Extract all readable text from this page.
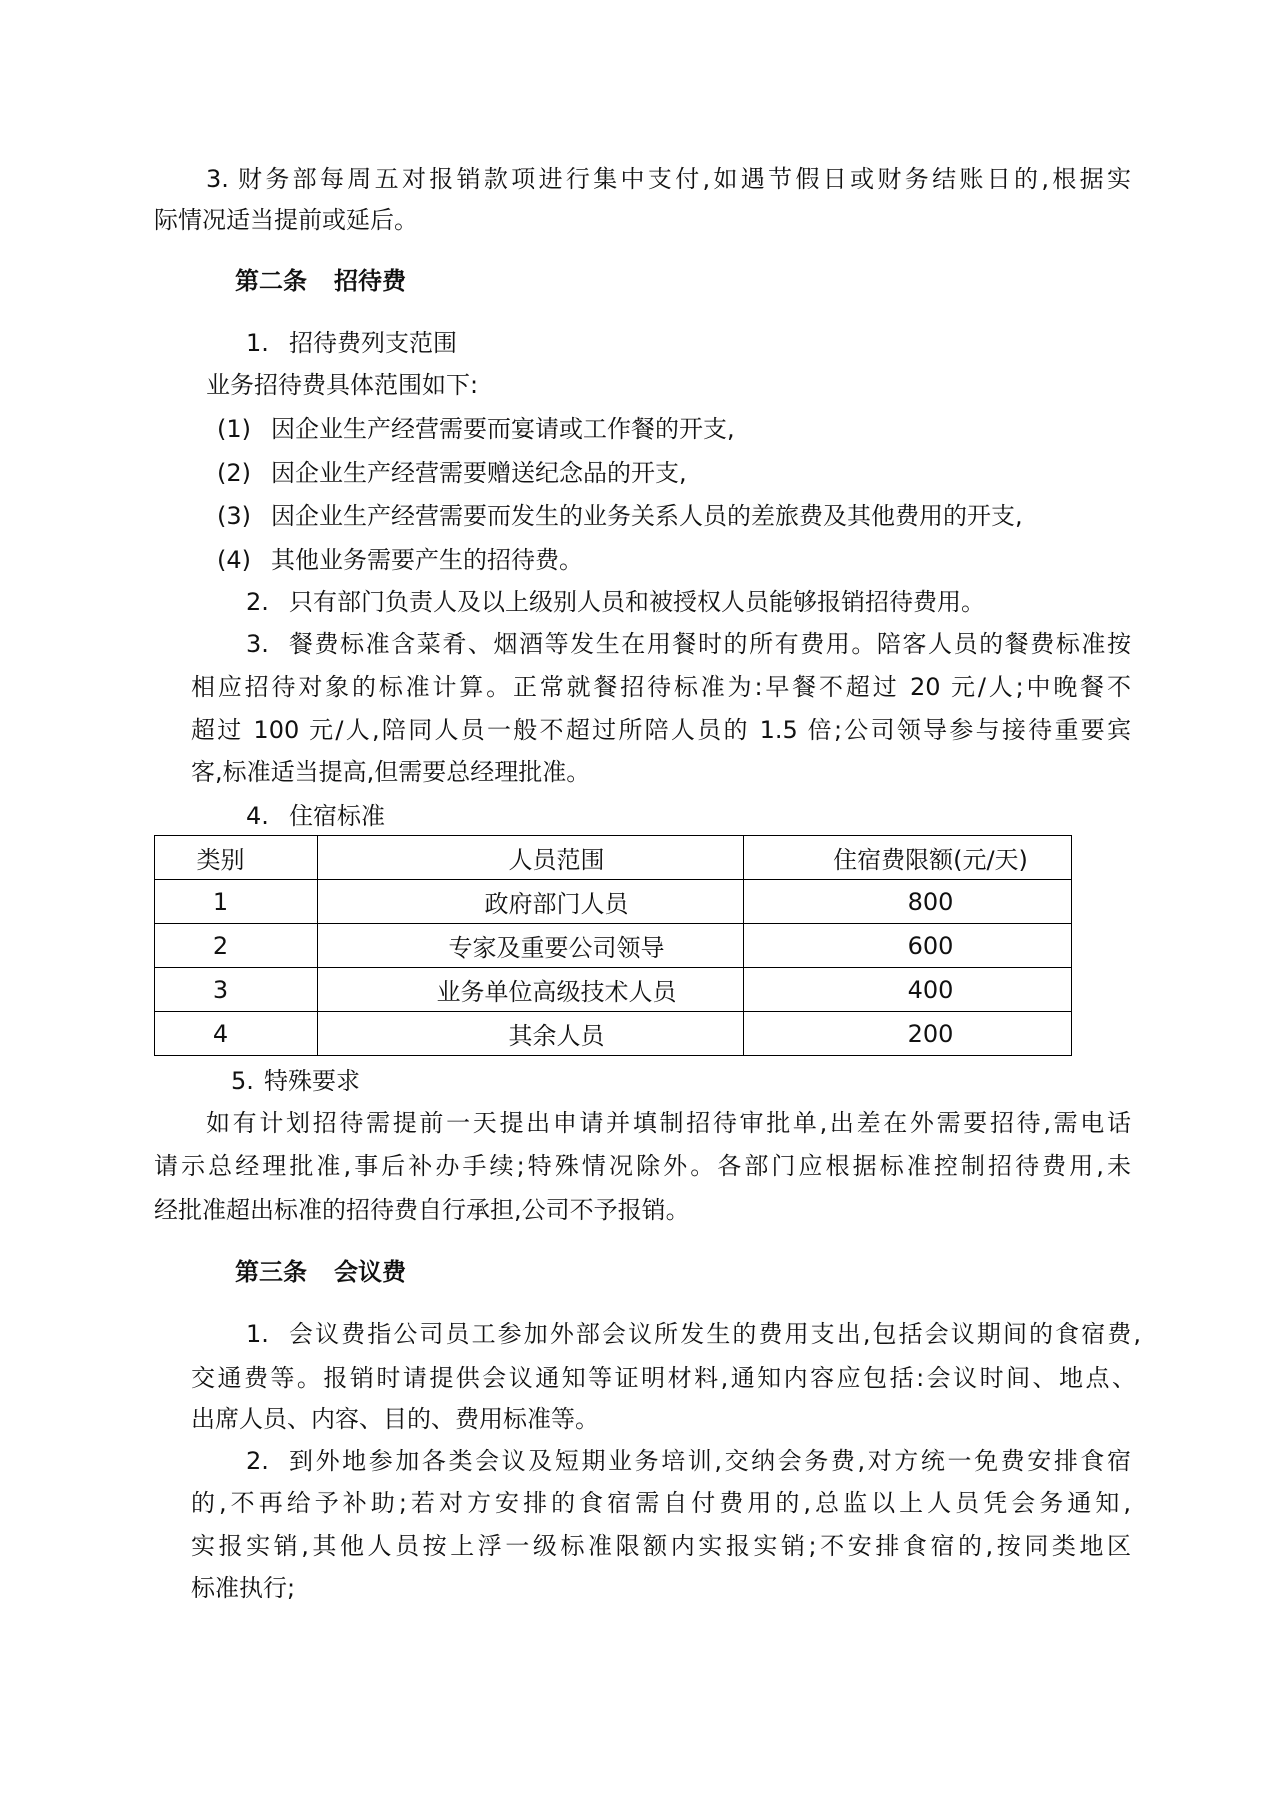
3. 财务部每周五对报销款项进行集中支付,如遇节假日或财务结账日的,根据实
际情况适当提前或延后。
第二条 招待费
1. 招待费列支范围
业务招待费具体范围如下:
(1) 因企业生产经营需要而宴请或工作餐的开支,
(2) 因企业生产经营需要赠送纪念品的开支,
(3) 因企业生产经营需要而发生的业务关系人员的差旅费及其他费用的开支,
(4) 其他业务需要产生的招待费。
2. 只有部门负责人及以上级别人员和被授权人员能够报销招待费用。
3. 餐费标准含菜肴、烟酒等发生在用餐时的所有费用。陪客人员的餐费标准按
相应招待对象的标准计算。正常就餐招待标准为:早餐不超过 20 元/人;中晚餐不
超过 100 元/人,陪同人员一般不超过所陪人员的 1.5 倍;公司领导参与接待重要宾
客,标准适当提高,但需要总经理批准。
4. 住宿标准
类别	人员范围	住宿费限额(元/天)
1	政府部门人员	800
2	专家及重要公司领导	600
3	业务单位高级技术人员	400
4	其余人员	200
5. 特殊要求
如有计划招待需提前一天提出申请并填制招待审批单,出差在外需要招待,需电话
请示总经理批准,事后补办手续;特殊情况除外。各部门应根据标准控制招待费用,未
经批准超出标准的招待费自行承担,公司不予报销。
第三条 会议费
1. 会议费指公司员工参加外部会议所发生的费用支出,包括会议期间的食宿费,
交通费等。报销时请提供会议通知等证明材料,通知内容应包括:会议时间、地点、
出席人员、内容、目的、费用标准等。
2. 到外地参加各类会议及短期业务培训,交纳会务费,对方统一免费安排食宿
的,不再给予补助;若对方安排的食宿需自付费用的,总监以上人员凭会务通知,
实报实销,其他人员按上浮一级标准限额内实报实销;不安排食宿的,按同类地区
标准执行;
